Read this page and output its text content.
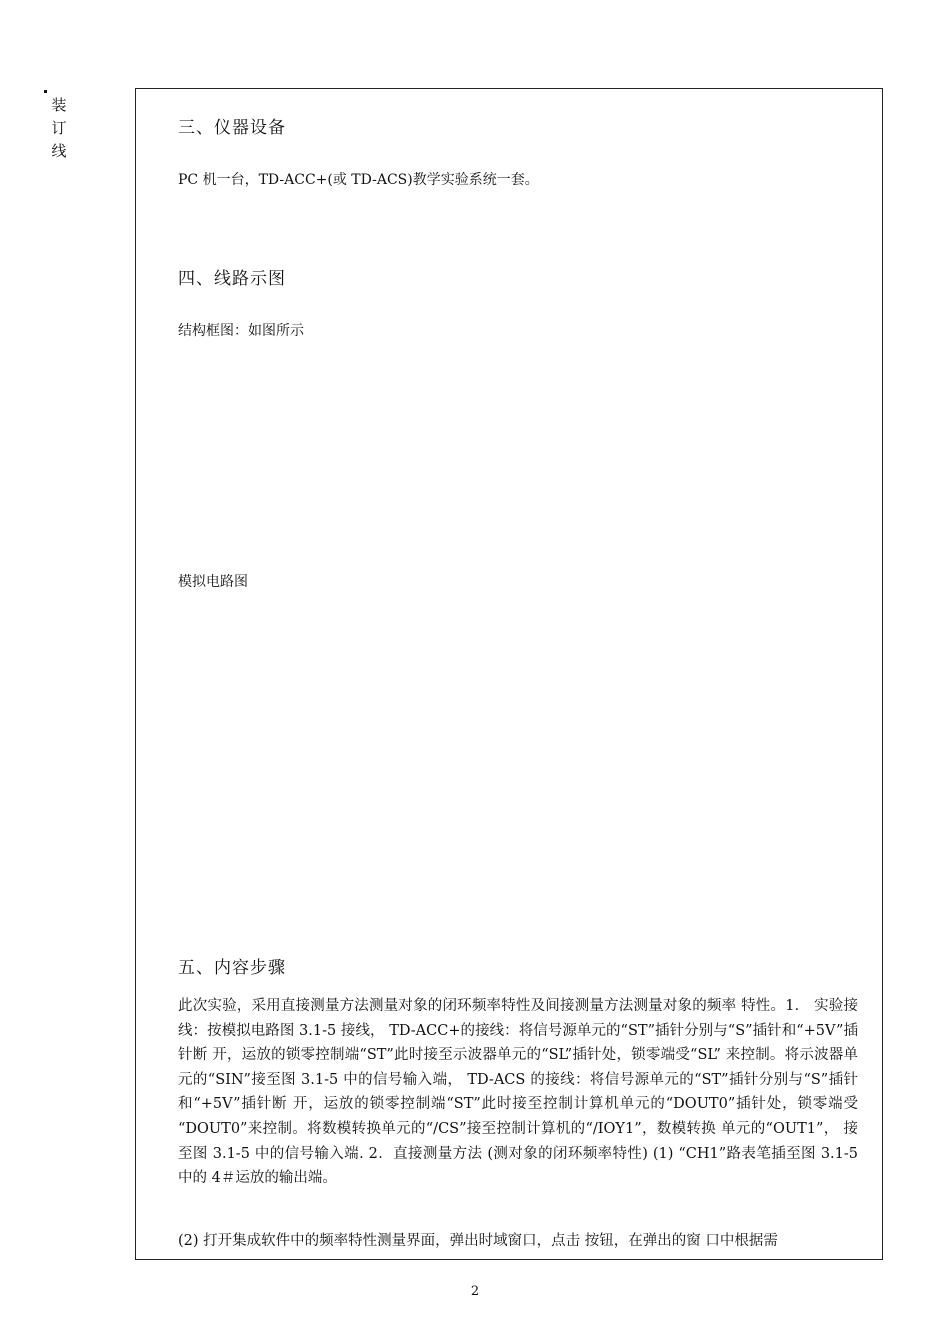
装
订
线
三、仪器设备
PC 机一台，TD-ACC+(或 TD-ACS)教学实验系统一套。
四、线路示图
结构框图：如图所示
模拟电路图
五、内容步骤
此次实验，采用直接测量方法测量对象的闭环频率特性及间接测量方法测量对象的频率 特性。1． 实验接线：按模拟电路图 3.1-5 接线， TD-ACC+的接线：将信号源单元的“ST”插针分别与“S”插针和“+5V”插针断 开，运放的锁零控制端“ST”此时接至示波器单元的“SL”插针处，锁零端受“SL” 来控制。将示波器单元的“SIN”接至图 3.1-5 中的信号输入端， TD-ACS 的接线：将信号源单元的“ST”插针分别与“S”插针和“+5V”插针断 开，运放的锁零控制端“ST”此时接至控制计算机单元的“DOUT0”插针处，锁零端受 “DOUT0”来控制。将数模转换单元的“/CS”接至控制计算机的“/IOY1”，数模转换 单元的“OUT1”， 接至图 3.1-5 中的信号输入端. 2．直接测量方法 (测对象的闭环频率特性) (1) “CH1”路表笔插至图 3.1-5 中的 4＃运放的输出端。
(2) 打开集成软件中的频率特性测量界面，弹出时域窗口，点击 按钮，在弹出的窗 口中根据需
2
